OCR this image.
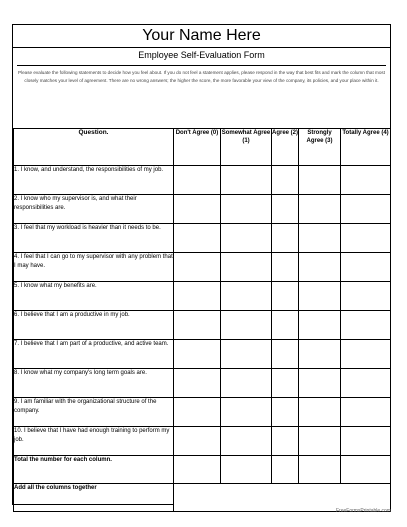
Your Name Here
Employee Self-Evaluation Form
Please evaluate the following statements to decide how you feel about. If you do not feel a statement applies, please respond in the way that best fits and mark the column that most closely matches your level of agreement. There are no wrong answers; the higher the score, the more favorable your view of the company, its policies, and your place within it.
Question.	Don't Agree (0)	Somewhat Agree (1)	Agree (2)	Strongly Agree (3)	Totally Agree (4)
1. I know, and understand, the responsibilities of my job.					
2. I know who my supervisor is, and what their responsibilities are.					
3. I feel that my workload is heavier than it needs to be.					
4. I feel that I can go to my supervisor with any problem that I may have.					
5. I know what my benefits are.					
6. I believe that I am a productive in my job.					
7. I believe that I am part of a productive, and active team.					
8. I know what my company's long term goals are.					
9. I am familiar with the organizational structure of the company.					
10. I believe that I have had enough training to perform my job.					
Total the number for each column.					
Add all the columns together					
FreeFormsPrintable.com
